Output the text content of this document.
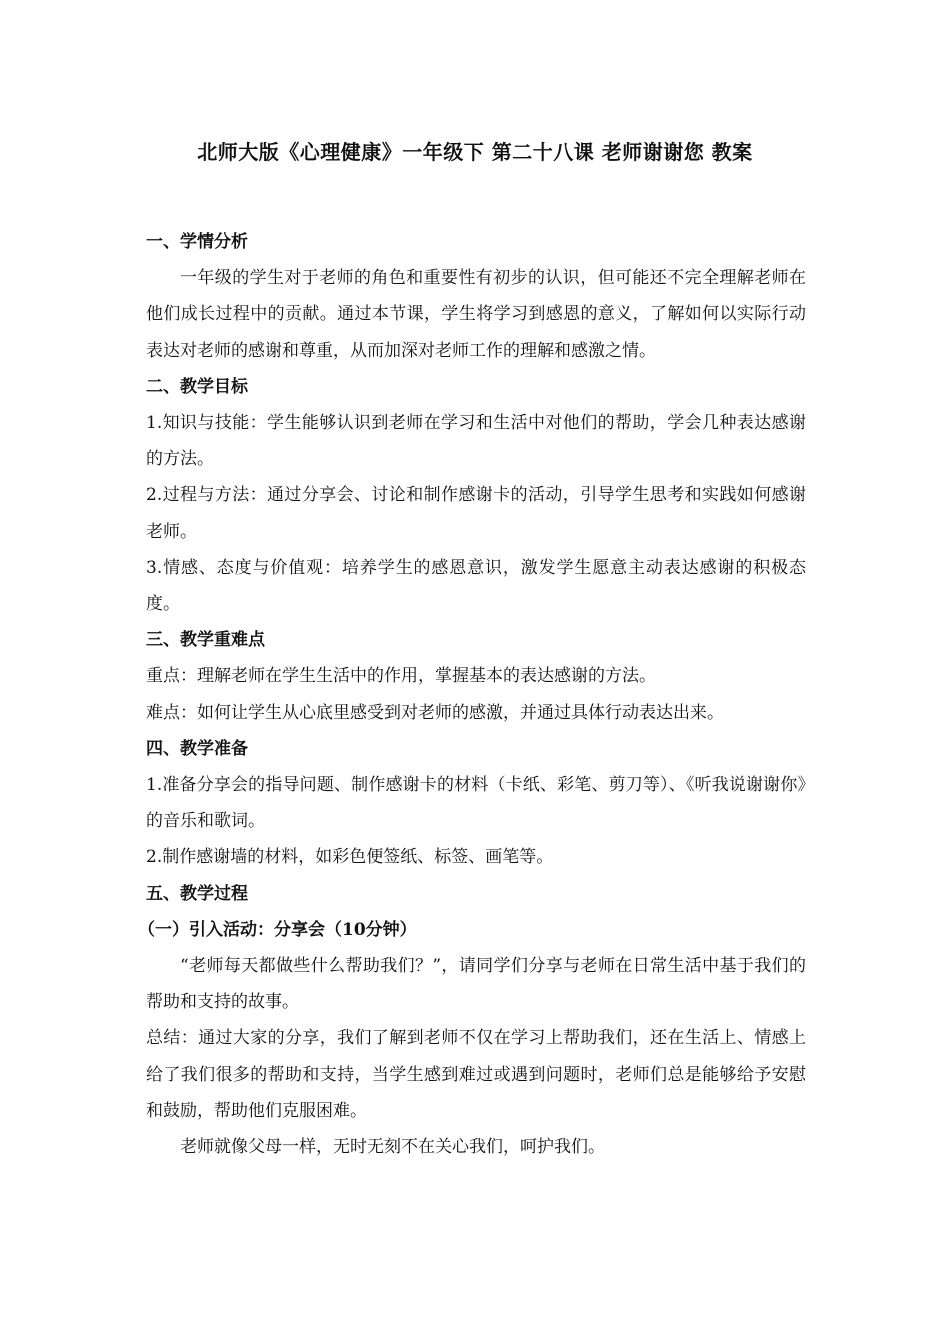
北师大版《心理健康》一年级下 第二十八课 老师谢谢您 教案

一、学情分析

一年级的学生对于老师的角色和重要性有初步的认识，但可能还不完全理解老师在他们成长过程中的贡献。通过本节课，学生将学习到感恩的意义，了解如何以实际行动表达对老师的感谢和尊重，从而加深对老师工作的理解和感激之情。

二、教学目标

1.知识与技能：学生能够认识到老师在学习和生活中对他们的帮助，学会几种表达感谢的方法。

2.过程与方法：通过分享会、讨论和制作感谢卡的活动，引导学生思考和实践如何感谢老师。

3.情感、态度与价值观：培养学生的感恩意识，激发学生愿意主动表达感谢的积极态度。

三、教学重难点

重点：理解老师在学生生活中的作用，掌握基本的表达感谢的方法。

难点：如何让学生从心底里感受到对老师的感激，并通过具体行动表达出来。

四、教学准备

1.准备分享会的指导问题、制作感谢卡的材料（卡纸、彩笔、剪刀等）、《听我说谢谢你》的音乐和歌词。

2.制作感谢墙的材料，如彩色便签纸、标签、画笔等。

五、教学过程

（一）引入活动：分享会（10分钟）

“老师每天都做些什么帮助我们？”，请同学们分享与老师在日常生活中基于我们的帮助和支持的故事。

总结：通过大家的分享，我们了解到老师不仅在学习上帮助我们，还在生活上、情感上给了我们很多的帮助和支持，当学生感到难过或遇到问题时，老师们总是能够给予安慰和鼓励，帮助他们克服困难。

老师就像父母一样，无时无刻不在关心我们，呵护我们。
